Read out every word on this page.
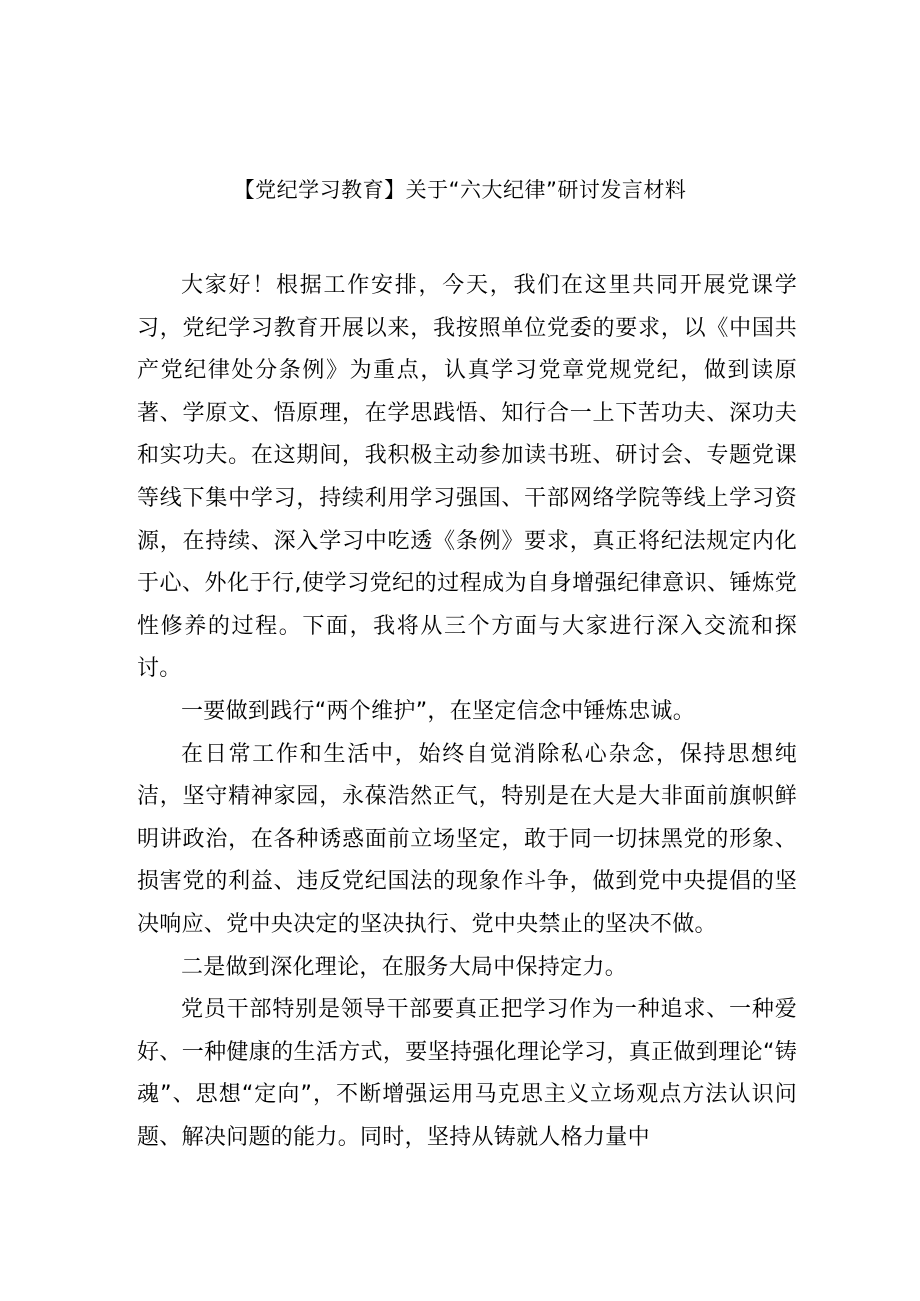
【党纪学习教育】关于“六大纪律”研讨发言材料

大家好！根据工作安排，今天，我们在这里共同开展党课学习，党纪学习教育开展以来，我按照单位党委的要求，以《中国共产党纪律处分条例》为重点，认真学习党章党规党纪，做到读原著、学原文、悟原理，在学思践悟、知行合一上下苦功夫、深功夫和实功夫。在这期间，我积极主动参加读书班、研讨会、专题党课等线下集中学习，持续利用学习强国、干部网络学院等线上学习资源，在持续、深入学习中吃透《条例》要求，真正将纪法规定内化于心、外化于行,使学习党纪的过程成为自身增强纪律意识、锤炼党性修养的过程。下面，我将从三个方面与大家进行深入交流和探讨。

一要做到践行“两个维护”，在坚定信念中锤炼忠诚。

在日常工作和生活中，始终自觉消除私心杂念，保持思想纯洁，坚守精神家园，永葆浩然正气，特别是在大是大非面前旗帜鲜明讲政治，在各种诱惑面前立场坚定，敢于同一切抹黑党的形象、损害党的利益、违反党纪国法的现象作斗争，做到党中央提倡的坚决响应、党中央决定的坚决执行、党中央禁止的坚决不做。

二是做到深化理论，在服务大局中保持定力。

党员干部特别是领导干部要真正把学习作为一种追求、一种爱好、一种健康的生活方式，要坚持强化理论学习，真正做到理论“铸魂”、思想“定向”，不断增强运用马克思主义立场观点方法认识问题、解决问题的能力。同时，坚持从铸就人格力量中
